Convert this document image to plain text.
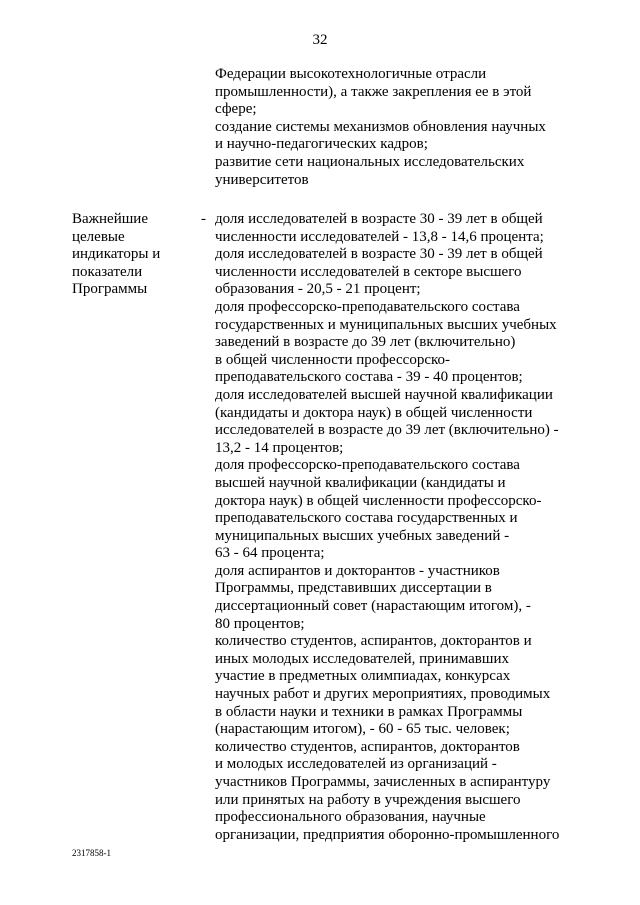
32
Федерации высокотехнологичные отрасли
промышленности), а также закрепления ее в этой
сфере;
создание системы механизмов обновления научных
и научно-педагогических кадров;
развитие сети национальных исследовательских
университетов
Важнейшие
целевые
индикаторы и
показатели
Программы
- доля исследователей в возрасте 30 - 39 лет в общей
численности исследователей - 13,8 - 14,6 процента;
доля исследователей в возрасте 30 - 39 лет в общей
численности исследователей в секторе высшего
образования - 20,5 - 21 процент;
доля профессорско-преподавательского состава
государственных и муниципальных высших учебных
заведений в возрасте до 39 лет (включительно)
в общей численности профессорско-
преподавательского состава - 39 - 40 процентов;
доля исследователей высшей научной квалификации
(кандидаты и доктора наук) в общей численности
исследователей в возрасте до 39 лет (включительно) -
13,2 - 14 процентов;
доля профессорско-преподавательского состава
высшей научной квалификации (кандидаты и
доктора наук) в общей численности профессорско-
преподавательского состава государственных и
муниципальных высших учебных заведений -
63 - 64 процента;
доля аспирантов и докторантов - участников
Программы, представивших диссертации в
диссертационный совет (нарастающим итогом), -
80 процентов;
количество студентов, аспирантов, докторантов и
иных молодых исследователей, принимавших
участие в предметных олимпиадах, конкурсах
научных работ и других мероприятиях, проводимых
в области науки и техники в рамках Программы
(нарастающим итогом), - 60 - 65 тыс. человек;
количество студентов, аспирантов, докторантов
и молодых исследователей из организаций -
участников Программы, зачисленных в аспирантуру
или принятых на работу в учреждения высшего
профессионального образования, научные
организации, предприятия оборонно-промышленного
2317858-1
